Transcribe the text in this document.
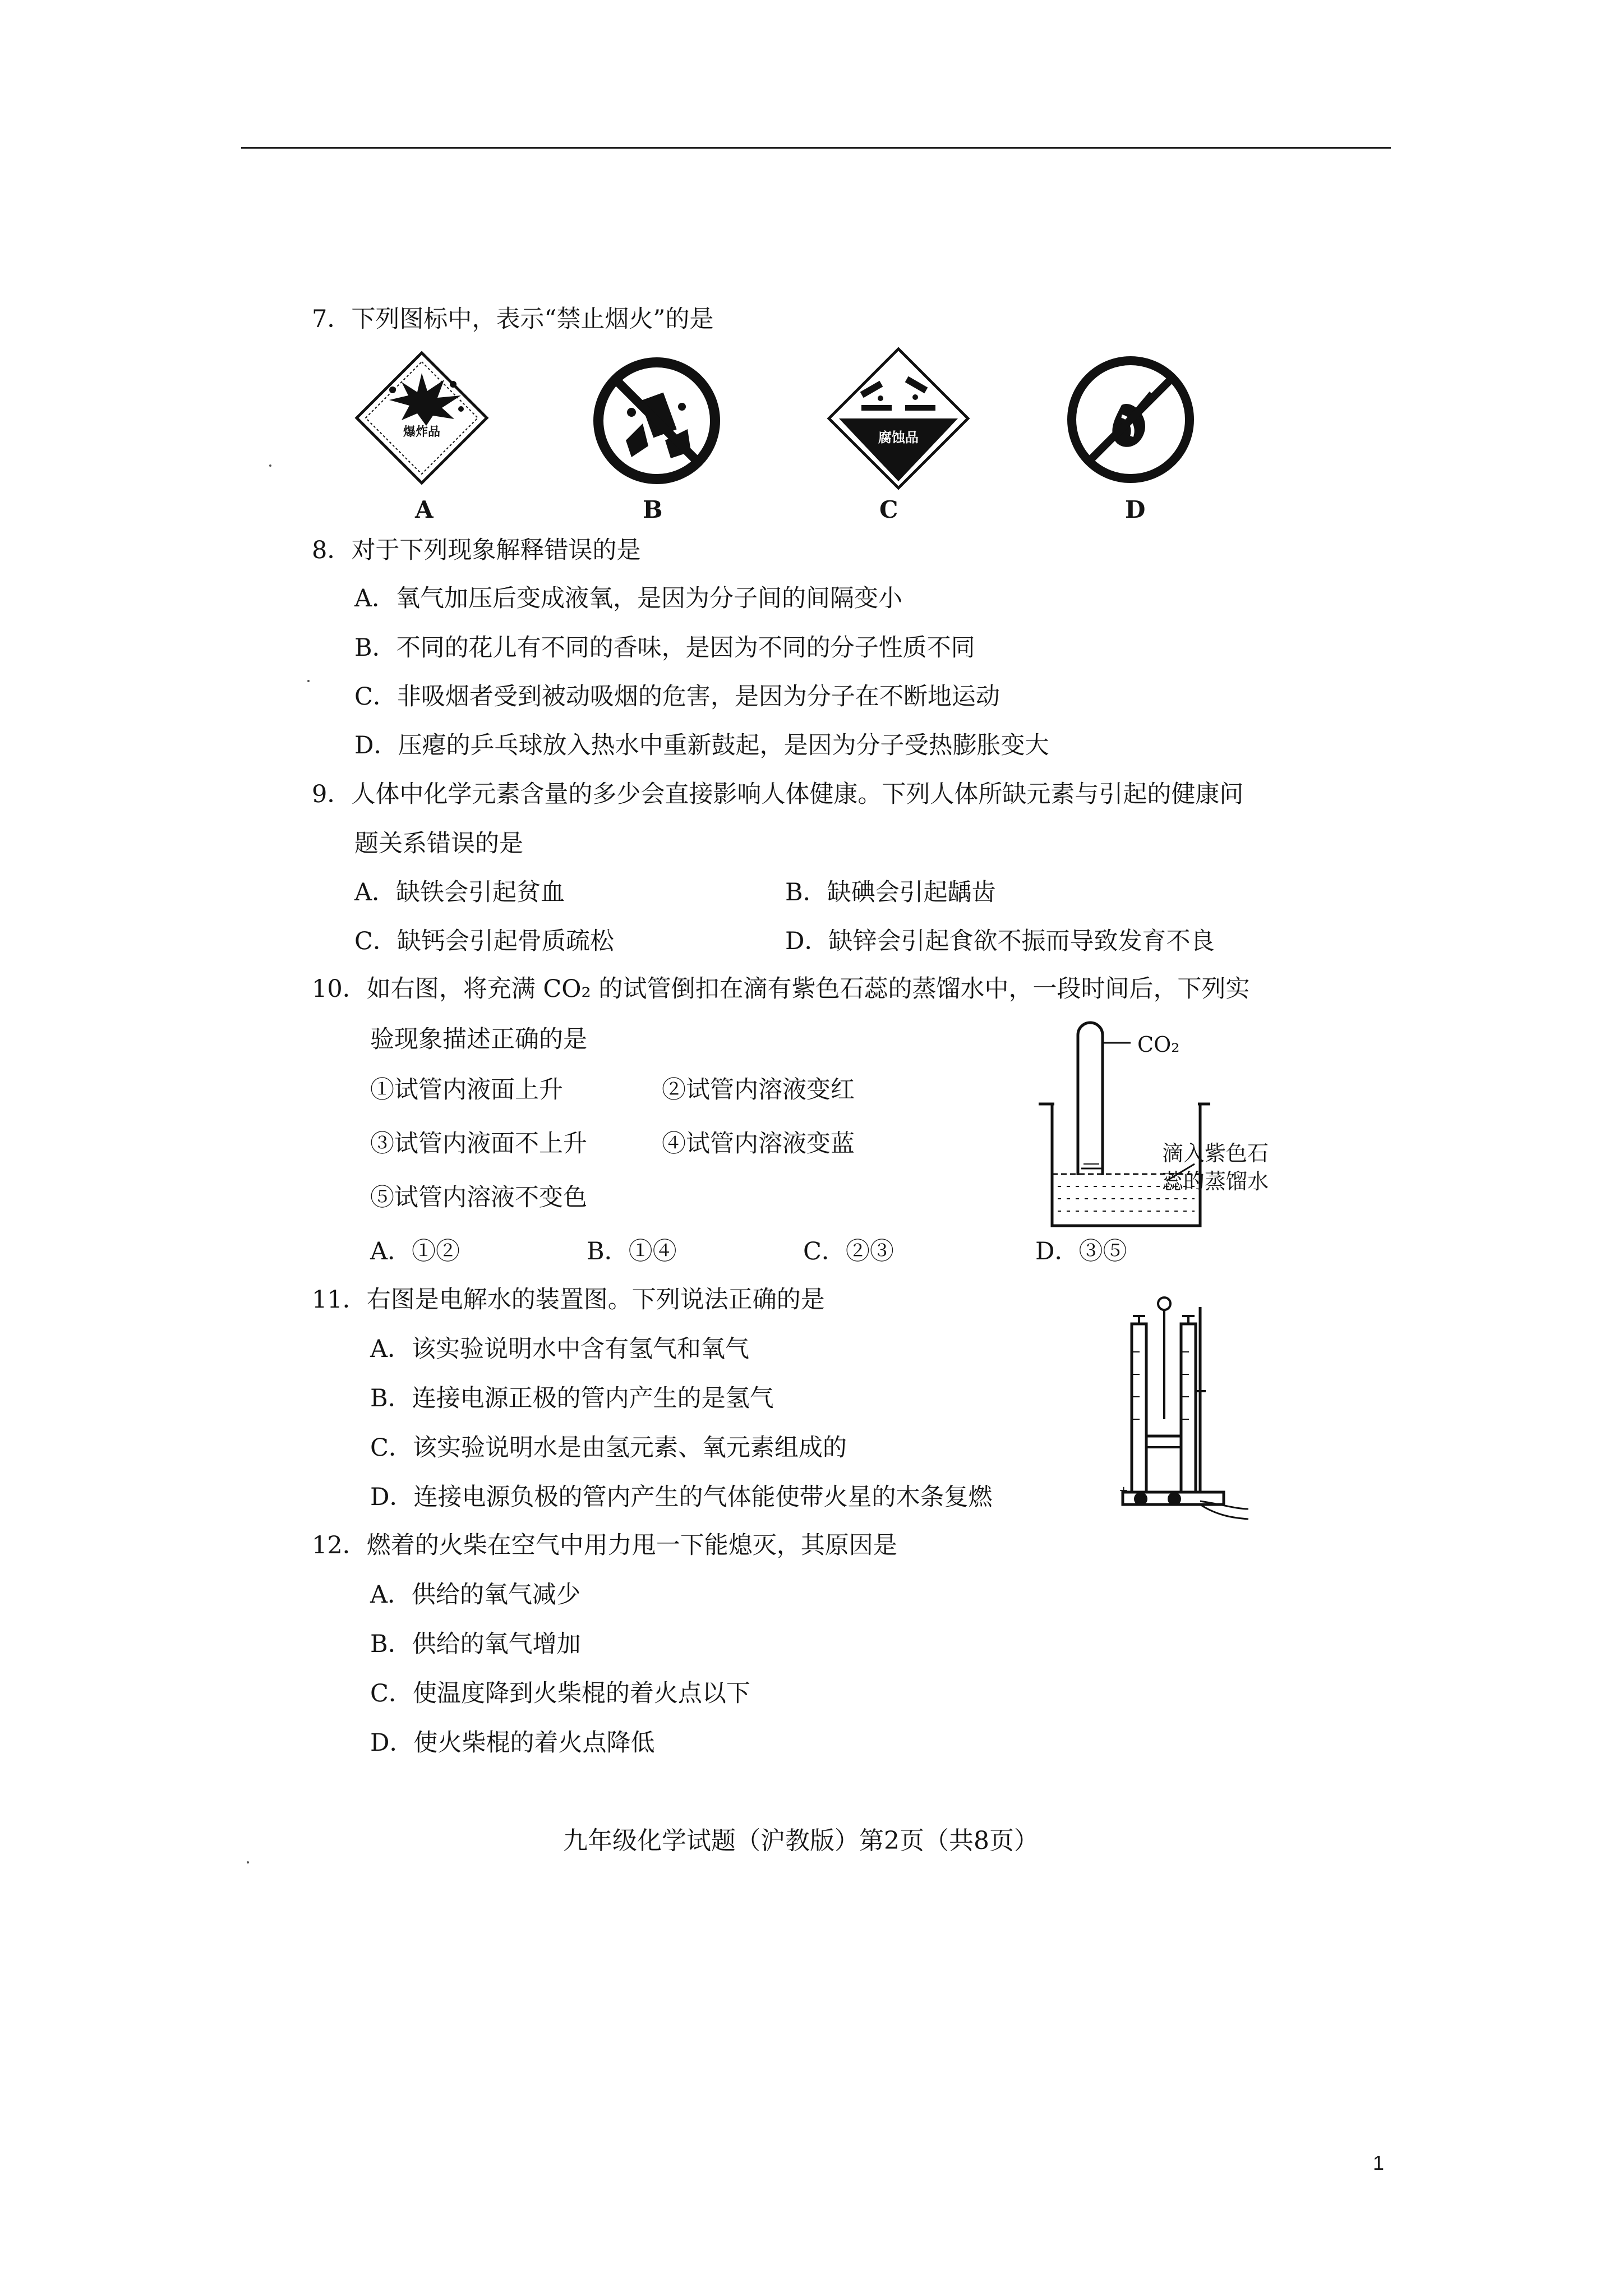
7．下列图标中，表示“禁止烟火”的是
爆炸品
A	B
腐蚀品
C	D
8．对于下列现象解释错误的是
A．氧气加压后变成液氧，是因为分子间的间隔变小
B．不同的花儿有不同的香味，是因为不同的分子性质不同
C．非吸烟者受到被动吸烟的危害，是因为分子在不断地运动
D．压瘪的乒乓球放入热水中重新鼓起，是因为分子受热膨胀变大
9．人体中化学元素含量的多少会直接影响人体健康。下列人体所缺元素与引起的健康问
题关系错误的是
A．缺铁会引起贫血	B．缺碘会引起龋齿
C．缺钙会引起骨质疏松	D．缺锌会引起食欲不振而导致发育不良
10．如右图，将充满 CO₂ 的试管倒扣在滴有紫色石蕊的蒸馏水中，一段时间后，下列实
验现象描述正确的是
①试管内液面上升	②试管内溶液变红
③试管内液面不上升	④试管内溶液变蓝
⑤试管内溶液不变色
A．①②	B．①④	C．②③	D．③⑤
CO₂
滴入紫色石
蕊的蒸馏水
11．右图是电解水的装置图。下列说法正确的是
A．该实验说明水中含有氢气和氧气
B．连接电源正极的管内产生的是氢气
C．该实验说明水是由氢元素、氧元素组成的
D．连接电源负极的管内产生的气体能使带火星的木条复燃	+
12．燃着的火柴在空气中用力甩一下能熄灭，其原因是
A．供给的氧气减少
B．供给的氧气增加
C．使温度降到火柴棍的着火点以下
D．使火柴棍的着火点降低
九年级化学试题（沪教版）第2页（共8页）
1
